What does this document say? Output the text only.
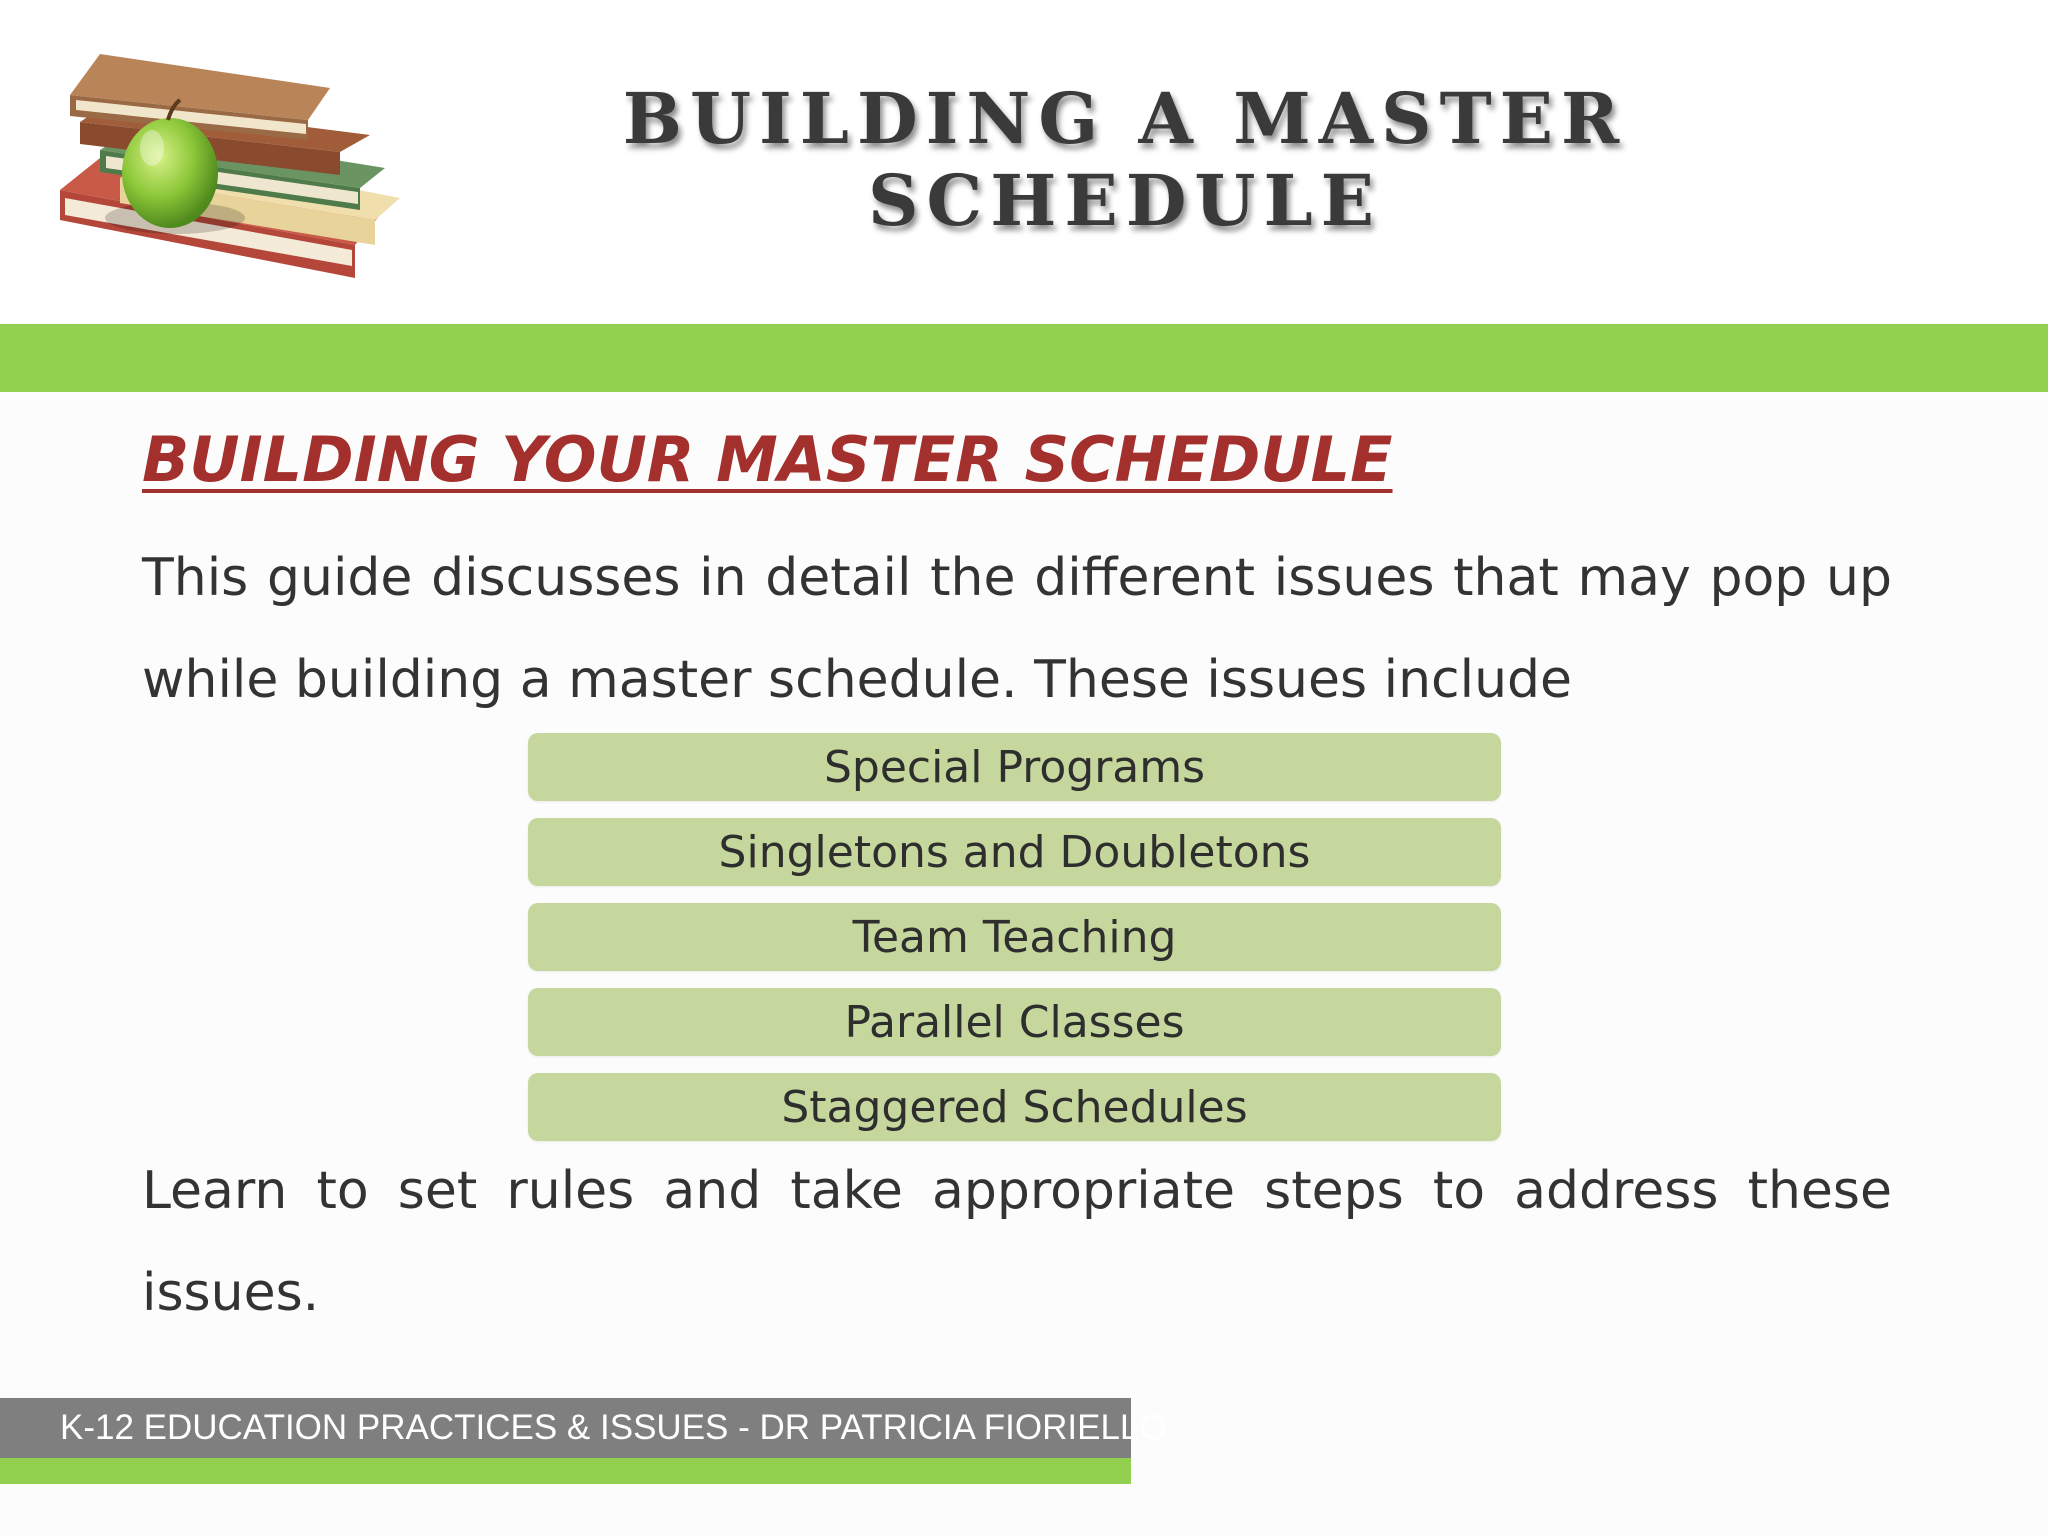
BUILDING A MASTER
SCHEDULE
BUILDING YOUR MASTER SCHEDULE
This guide discusses in detail the different issues that may pop up while building a master schedule. These issues include
Special Programs
Singletons and Doubletons
Team Teaching
Parallel Classes
Staggered Schedules
Learn to set rules and take appropriate steps to address these issues.
K-12 EDUCATION PRACTICES & ISSUES - DR PATRICIA FIORIELLO
